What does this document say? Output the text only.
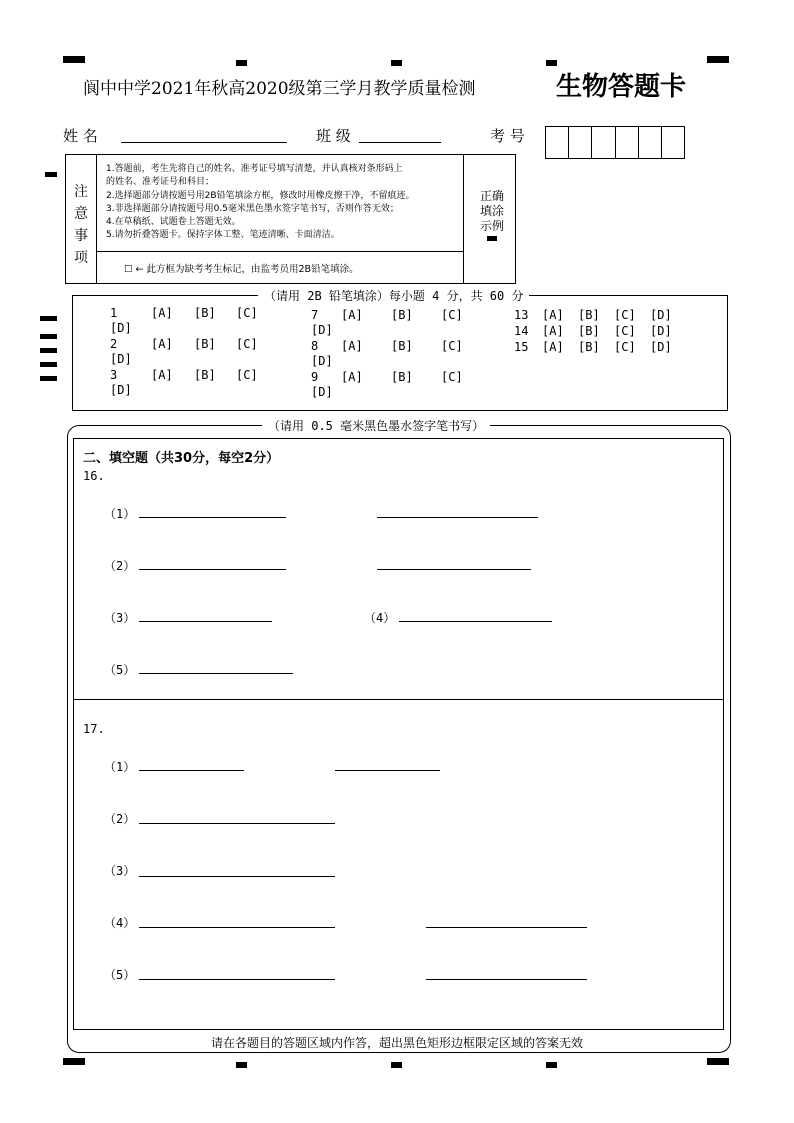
阆中中学2021年秋高2020级第三学月教学质量检测	生物答题卡
姓 名	班 级	考 号
注
意
事
项
1.答题前，考生先将自己的姓名、准考证号填写清楚，并认真核对条形码上
的姓名、准考证号和科目；
2.选择题部分请按题号用2B铅笔填涂方框，修改时用橡皮擦干净，不留痕迹。
3.非选择题部分请按题号用0.5毫米黑色墨水签字笔书写，否则作答无效；
4.在草稿纸、试题卷上答题无效。
5.请勿折叠答题卡。保持字体工整、笔迹清晰、卡面清洁。
☐ ← 此方框为缺考考生标记，由监考员用2B铅笔填涂。
正确
填涂
示例
（请用 2B 铅笔填涂）每小题 4 分，共 60 分
1	[A] [B] [C]
[D]
2	[A] [B] [C]
[D]
3	[A] [B] [C]
[D]
7 [A] [B] [C]
[D]
8 [A] [B] [C]
[D]
9 [A] [B] [C]
[D]
13 [A] [B] [C] [D]
14 [A] [B] [C] [D]
15 [A] [B] [C] [D]
（请用 0.5 毫米黑色墨水签字笔书写）
二、填空题（共30分，每空2分）
16.
（1）
（2）
（3）	（4）
（5）
17.
（1）
（2）
（3）
（4）
（5）
请在各题目的答题区域内作答，超出黑色矩形边框限定区域的答案无效
